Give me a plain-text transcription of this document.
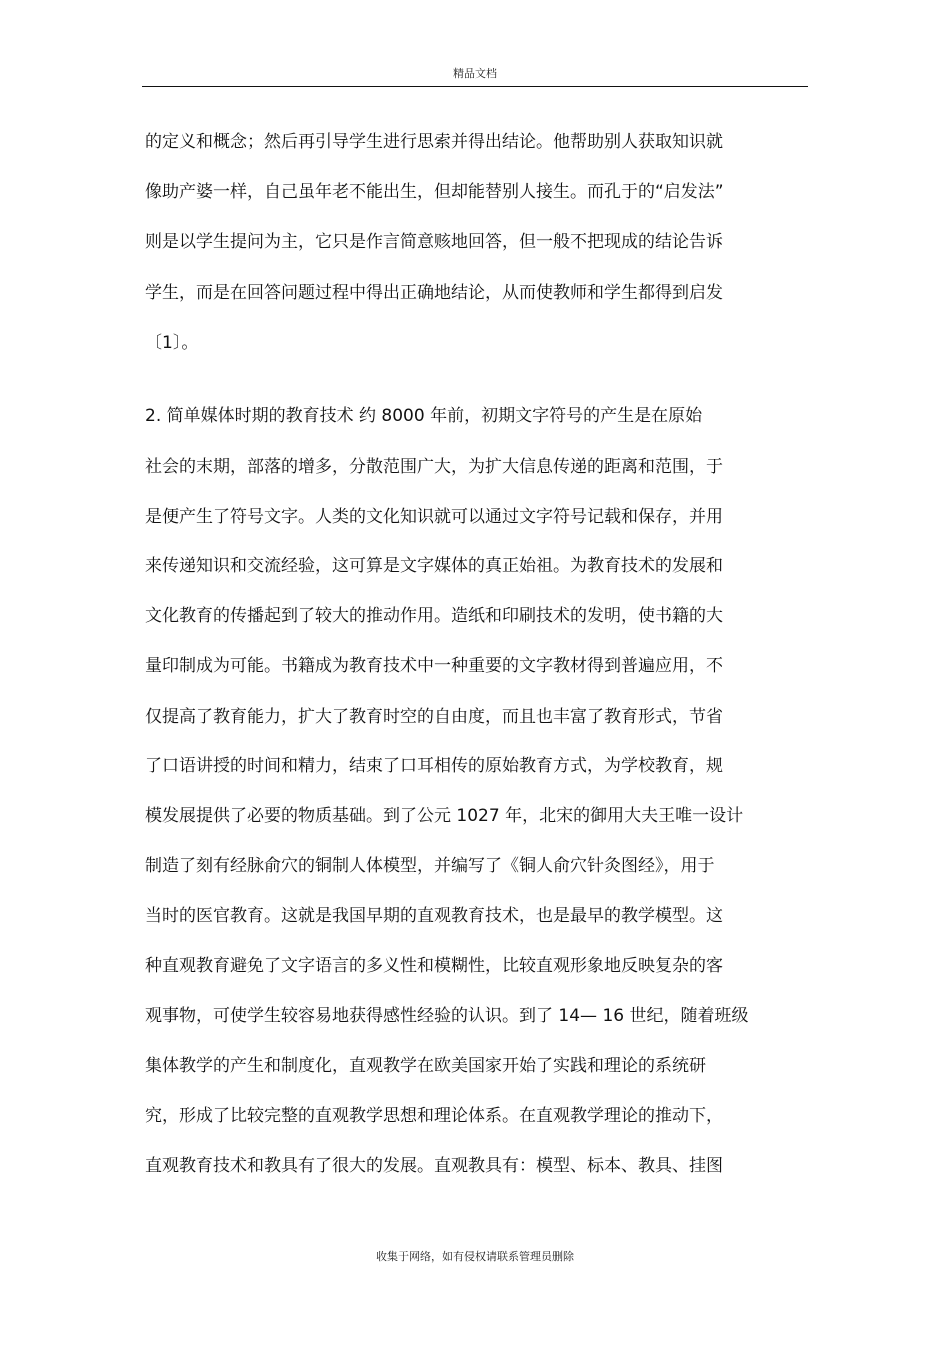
精品文档
的定义和概念；然后再引导学生进行思索并得出结论。他帮助别人获取知识就
像助产婆一样，自己虽年老不能出生，但却能替别人接生。而孔于的“启发法”
则是以学生提问为主，它只是作言简意赅地回答，但一般不把现成的结论告诉
学生，而是在回答问题过程中得出正确地结论，从而使教师和学生都得到启发
〔1〕。
2. 简单媒体时期的教育技术 约 8000 年前，初期文字符号的产生是在原始
社会的末期，部落的增多，分散范围广大，为扩大信息传递的距离和范围，于
是便产生了符号文字。人类的文化知识就可以通过文字符号记载和保存，并用
来传递知识和交流经验，这可算是文字媒体的真正始祖。为教育技术的发展和
文化教育的传播起到了较大的推动作用。造纸和印刷技术的发明，使书籍的大
量印制成为可能。书籍成为教育技术中一种重要的文字教材得到普遍应用，不
仅提高了教育能力，扩大了教育时空的自由度，而且也丰富了教育形式，节省
了口语讲授的时间和精力，结束了口耳相传的原始教育方式，为学校教育，规
模发展提供了必要的物质基础。到了公元 1027 年，北宋的御用大夫王唯一设计
制造了刻有经脉俞穴的铜制人体模型，并编写了《铜人俞穴针灸图经》，用于
当时的医官教育。这就是我国早期的直观教育技术，也是最早的教学模型。这
种直观教育避免了文字语言的多义性和模糊性，比较直观形象地反映复杂的客
观事物，可使学生较容易地获得感性经验的认识。到了 14— 16 世纪，随着班级
集体教学的产生和制度化，直观教学在欧美国家开始了实践和理论的系统研
究，形成了比较完整的直观教学思想和理论体系。在直观教学理论的推动下，
直观教育技术和教具有了很大的发展。直观教具有：模型、标本、教具、挂图
收集于网络，如有侵权请联系管理员删除
